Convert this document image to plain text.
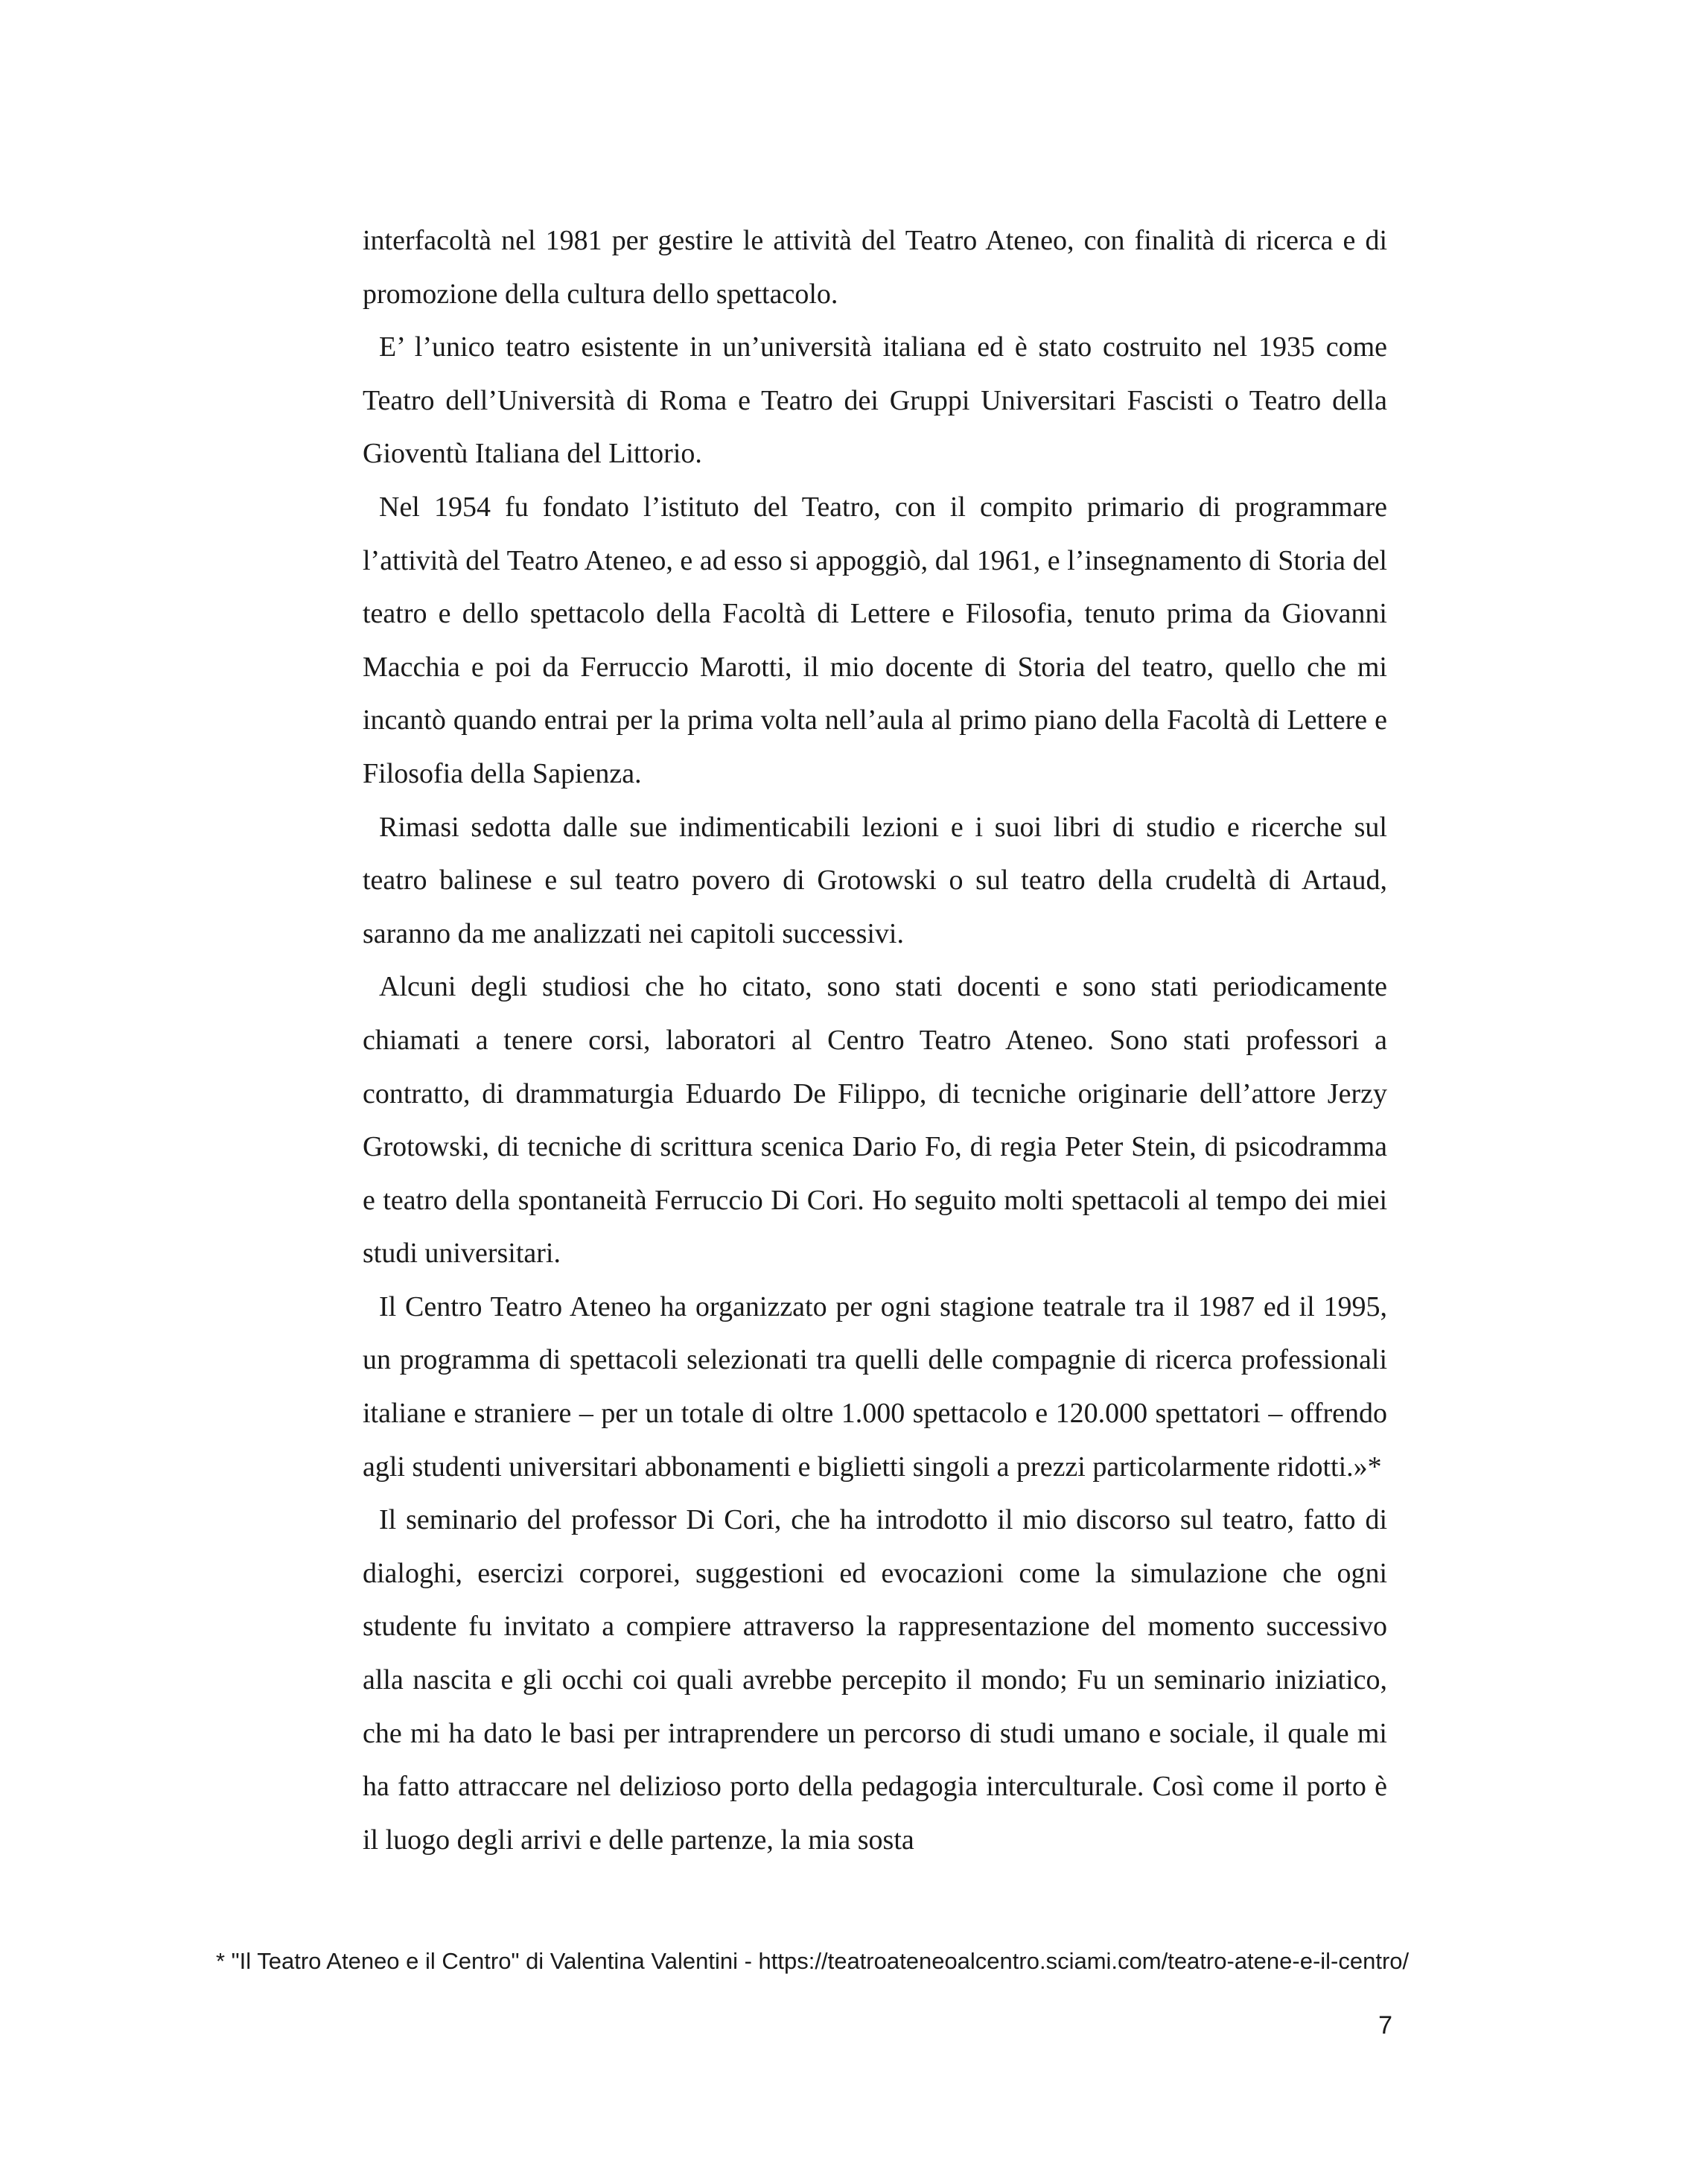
interfacoltà nel 1981 per gestire le attività del Teatro Ateneo, con finalità di ricerca e di promozione della cultura dello spettacolo.

E’ l’unico teatro esistente in un’università italiana ed è stato costruito nel 1935 come Teatro dell’Università di Roma e Teatro dei Gruppi Universitari Fascisti o Teatro della Gioventù Italiana del Littorio.

Nel 1954 fu fondato l’istituto del Teatro, con il compito primario di programmare l’attività del Teatro Ateneo, e ad esso si appoggiò, dal 1961, e l’insegnamento di Storia del teatro e dello spettacolo della Facoltà di Lettere e Filosofia, tenuto prima da Giovanni Macchia e poi da Ferruccio Marotti, il mio docente di Storia del teatro, quello che mi incantò quando entrai per la prima volta nell’aula al primo piano della Facoltà di Lettere e Filosofia della Sapienza.

Rimasi sedotta dalle sue indimenticabili lezioni e i suoi libri di studio e ricerche sul teatro balinese e sul teatro povero di Grotowski o sul teatro della crudeltà di Artaud, saranno da me analizzati nei capitoli successivi.

Alcuni degli studiosi che ho citato, sono stati docenti e sono stati periodicamente chiamati a tenere corsi, laboratori al Centro Teatro Ateneo. Sono stati professori a contratto, di drammaturgia Eduardo De Filippo, di tecniche originarie dell’attore Jerzy Grotowski, di tecniche di scrittura scenica Dario Fo, di regia Peter Stein, di psicodramma e teatro della spontaneità Ferruccio Di Cori. Ho seguito molti spettacoli al tempo dei miei studi universitari.

Il Centro Teatro Ateneo ha organizzato per ogni stagione teatrale tra il 1987 ed il 1995, un programma di spettacoli selezionati tra quelli delle compagnie di ricerca professionali italiane e straniere – per un totale di oltre 1.000 spettacolo e 120.000 spettatori – offrendo agli studenti universitari abbonamenti e biglietti singoli a prezzi particolarmente ridotti.»*

Il seminario del professor Di Cori, che ha introdotto il mio discorso sul teatro, fatto di dialoghi, esercizi corporei, suggestioni ed evocazioni come la simulazione che ogni studente fu invitato a compiere attraverso la rappresentazione del momento successivo alla nascita e gli occhi coi quali avrebbe percepito il mondo; Fu un seminario iniziatico, che mi ha dato le basi per intraprendere un percorso di studi umano e sociale, il quale mi ha fatto attraccare nel delizioso porto della pedagogia interculturale. Così come il porto è il luogo degli arrivi e delle partenze, la mia sosta

* "Il Teatro Ateneo e il Centro" di Valentina Valentini - https://teatroateneoalcentro.sciami.com/teatro-atene-e-il-centro/
7
